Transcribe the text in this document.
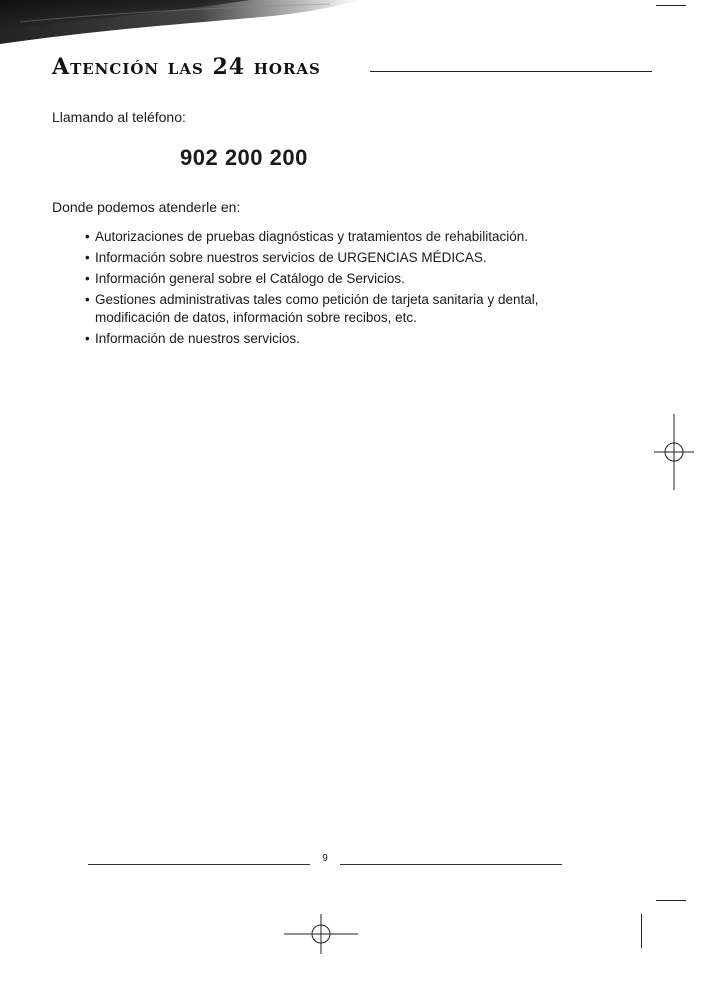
Atención las 24 horas
Llamando al teléfono:
902 200 200
Donde podemos atenderle en:
• Autorizaciones de pruebas diagnósticas y tratamientos de rehabilitación.
• Información sobre nuestros servicios de URGENCIAS MÉDICAS.
• Información general sobre el Catálogo de Servicios.
• Gestiones administrativas tales como petición de tarjeta sanitaria y dental, modificación de datos, información sobre recibos, etc.
• Información de nuestros servicios.
9
